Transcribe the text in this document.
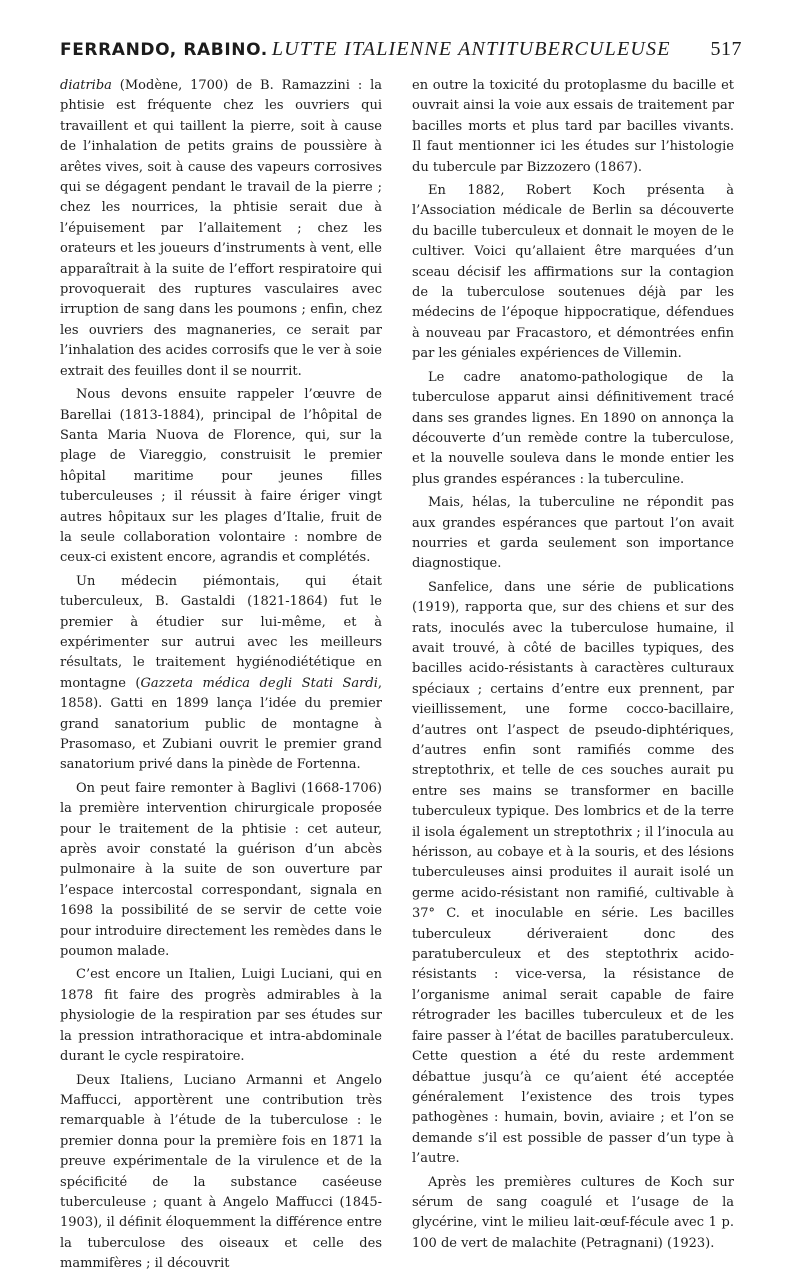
FERRANDO, RABINO. LUTTE ITALIENNE ANTITUBERCULEUSE 517

diatriba (Modène, 1700) de B. Ramazzini : la phtisie est fréquente chez les ouvriers qui travaillent et qui taillent la pierre, soit à cause de l’inhalation de petits grains de poussière à arêtes vives, soit à cause des vapeurs corrosives qui se dégagent pendant le travail de la pierre ; chez les nourrices, la phtisie serait due à l’épuisement par l’allaitement ; chez les orateurs et les joueurs d’instruments à vent, elle apparaîtrait à la suite de l’effort respiratoire qui provoquerait des ruptures vasculaires avec irruption de sang dans les poumons ; enfin, chez les ouvriers des magnaneries, ce serait par l’inhalation des acides corrosifs que le ver à soie extrait des feuilles dont il se nourrit.

Nous devons ensuite rappeler l’œuvre de Barellai (1813-1884), principal de l’hôpital de Santa Maria Nuova de Florence, qui, sur la plage de Viareggio, construisit le premier hôpital maritime pour jeunes filles tuberculeuses ; il réussit à faire ériger vingt autres hôpitaux sur les plages d’Italie, fruit de la seule collaboration volontaire : nombre de ceux-ci existent encore, agrandis et complétés.

Un médecin piémontais, qui était tuberculeux, B. Gastaldi (1821-1864) fut le premier à étudier sur lui-même, et à expérimenter sur autrui avec les meilleurs résultats, le traitement hygiénodiététique en montagne (Gazzeta médica degli Stati Sardi, 1858). Gatti en 1899 lança l’idée du premier grand sanatorium public de montagne à Prasomaso, et Zubiani ouvrit le premier grand sanatorium privé dans la pinède de Fortenna.

On peut faire remonter à Baglivi (1668-1706) la première intervention chirurgicale proposée pour le traitement de la phtisie : cet auteur, après avoir constaté la guérison d’un abcès pulmonaire à la suite de son ouverture par l’espace intercostal correspondant, signala en 1698 la possibilité de se servir de cette voie pour introduire directement les remèdes dans le poumon malade.

C’est encore un Italien, Luigi Luciani, qui en 1878 fit faire des progrès admirables à la physiologie de la respiration par ses études sur la pression intrathoracique et intra-abdominale durant le cycle respiratoire.

Deux Italiens, Luciano Armanni et Angelo Maffucci, apportèrent une contribution très remarquable à l’étude de la tuberculose : le premier donna pour la première fois en 1871 la preuve expérimentale de la virulence et de la spécificité de la substance caséeuse tuberculeuse ; quant à Angelo Maffucci (1845-1903), il définit éloquemment la différence entre la tuberculose des oiseaux et celle des mammifères ; il découvrit

en outre la toxicité du protoplasme du bacille et ouvrait ainsi la voie aux essais de traitement par bacilles morts et plus tard par bacilles vivants. Il faut mentionner ici les études sur l’histologie du tubercule par Bizzozero (1867).

En 1882, Robert Koch présenta à l’Association médicale de Berlin sa découverte du bacille tuberculeux et donnait le moyen de le cultiver. Voici qu’allaient être marquées d’un sceau décisif les affirmations sur la contagion de la tuberculose soutenues déjà par les médecins de l’époque hippocratique, défendues à nouveau par Fracastoro, et démontrées enfin par les géniales expériences de Villemin.

Le cadre anatomo-pathologique de la tuberculose apparut ainsi définitivement tracé dans ses grandes lignes. En 1890 on annonça la découverte d’un remède contre la tuberculose, et la nouvelle souleva dans le monde entier les plus grandes espérances : la tuberculine.

Mais, hélas, la tuberculine ne répondit pas aux grandes espérances que partout l’on avait nourries et garda seulement son importance diagnostique.

Sanfelice, dans une série de publications (1919), rapporta que, sur des chiens et sur des rats, inoculés avec la tuberculose humaine, il avait trouvé, à côté de bacilles typiques, des bacilles acido-résistants à caractères culturaux spéciaux ; certains d’entre eux prennent, par vieillissement, une forme cocco-bacillaire, d’autres ont l’aspect de pseudo-diphtériques, d’autres enfin sont ramifiés comme des streptothrix, et telle de ces souches aurait pu entre ses mains se transformer en bacille tuberculeux typique. Des lombrics et de la terre il isola également un streptothrix ; il l’inocula au hérisson, au cobaye et à la souris, et des lésions tuberculeuses ainsi produites il aurait isolé un germe acido-résistant non ramifié, cultivable à 37° C. et inoculable en série. Les bacilles tuberculeux dériveraient donc des paratuberculeux et des steptothrix acido-résistants : vice-versa, la résistance de l’organisme animal serait capable de faire rétrograder les bacilles tuberculeux et de les faire passer à l’état de bacilles paratuberculeux. Cette question a été du reste ardemment débattue jusqu’à ce qu’aient été acceptée généralement l’existence des trois types pathogènes : humain, bovin, aviaire ; et l’on se demande s’il est possible de passer d’un type à l’autre.

Après les premières cultures de Koch sur sérum de sang coagulé et l’usage de la glycérine, vint le milieu lait-œuf-fécule avec 1 p. 100 de vert de malachite (Petragnani) (1923).
